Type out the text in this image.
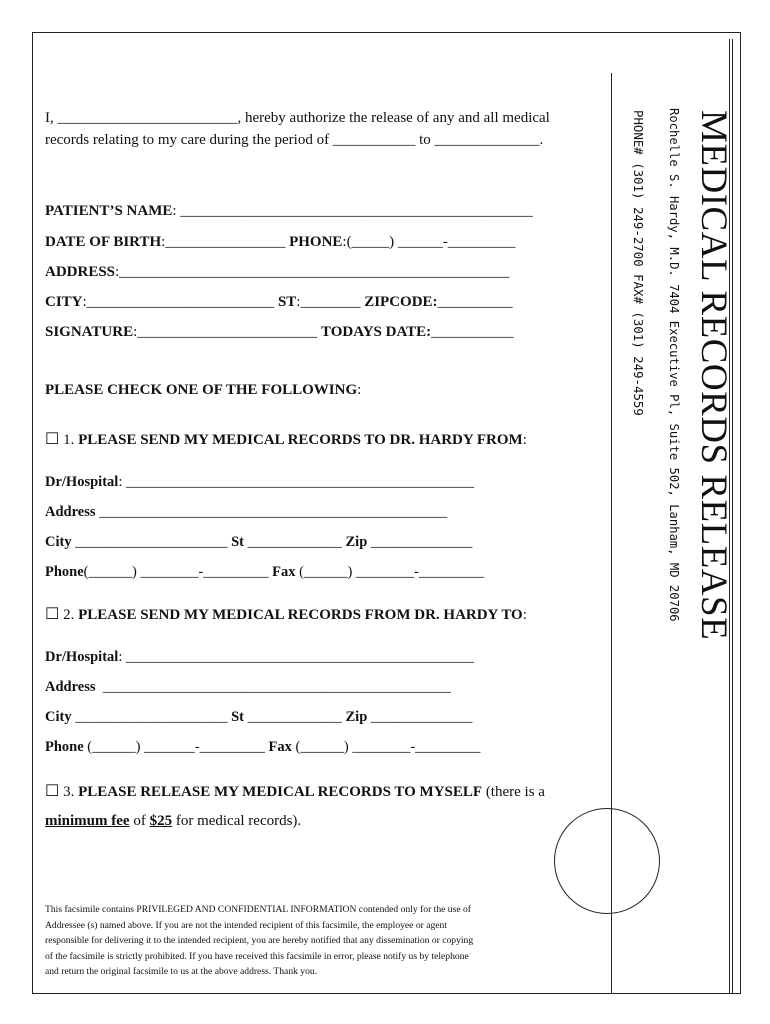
MEDICAL RECORDS RELEASE
Rochelle S. Hardy, M.D. 7404 Executive Pl, Suite 502, Lanham, MD 20706
PHONE# (301) 249-2700 FAX# (301) 249-4559
I, ________________________, hereby authorize the release of any and all medical
records relating to my care during the period of ___________ to ______________.
PATIENT’S NAME: _______________________________________________
DATE OF BIRTH:________________ PHONE:(_____) ______-_________
ADDRESS:____________________________________________________
CITY:_________________________ ST:________ ZIPCODE:__________
SIGNATURE:________________________ TODAYS DATE:___________
PLEASE CHECK ONE OF THE FOLLOWING:
☐ 1. PLEASE SEND MY MEDICAL RECORDS TO DR. HARDY FROM:
Dr/Hospital: ________________________________________________
Address ________________________________________________
City _____________________ St _____________ Zip ______________
Phone(______) ________-_________ Fax (______) ________-_________
☐ 2. PLEASE SEND MY MEDICAL RECORDS FROM DR. HARDY TO:
Dr/Hospital: ________________________________________________
Address  ________________________________________________
City _____________________ St _____________ Zip ______________
Phone (______) _______-_________ Fax (______) ________-_________
☐ 3. PLEASE RELEASE MY MEDICAL RECORDS TO MYSELF (there is a
minimum fee of $25 for medical records).
This facsimile contains PRIVILEGED AND CONFIDENTIAL INFORMATION contended only for the use of
Addressee (s) named above. If you are not the intended recipient of this facsimile, the employee or agent
responsible for delivering it to the intended recipient, you are hereby notified that any dissemination or copying
of the facsimile is strictly prohibited. If you have received this facsimile in error, please notify us by telephone
and return the original facsimile to us at the above address. Thank you.
